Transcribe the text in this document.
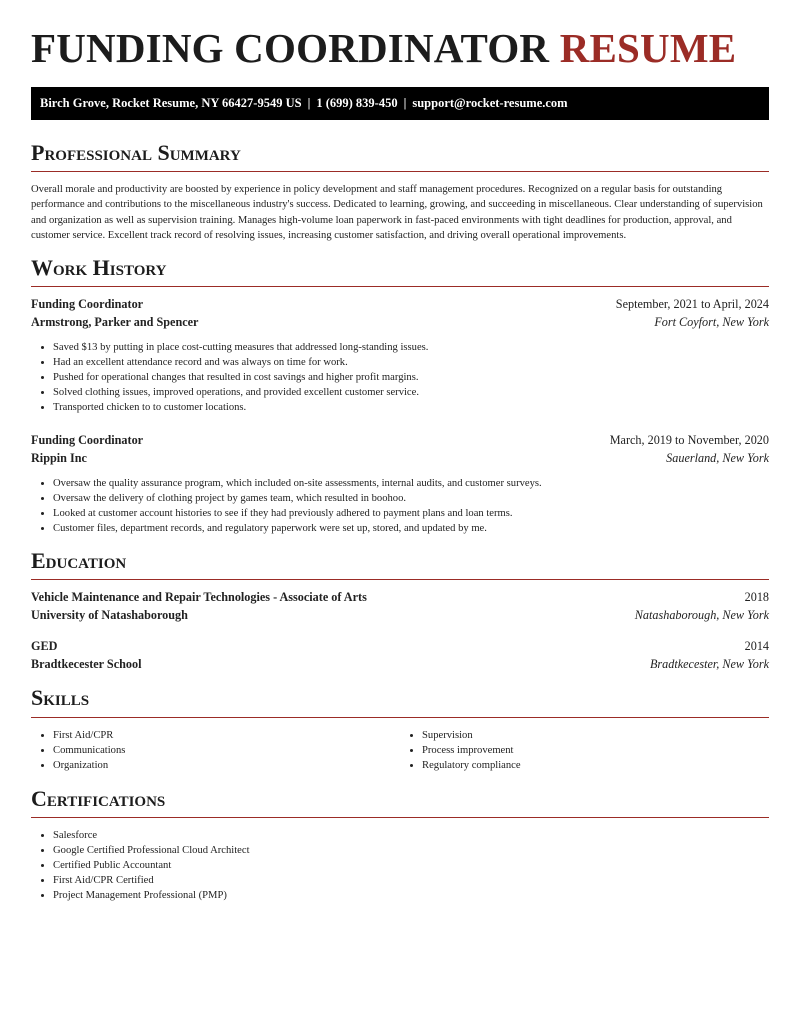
FUNDING COORDINATOR RESUME
Birch Grove, Rocket Resume, NY 66427-9549 US | 1 (699) 839-450 | support@rocket-resume.com
Professional Summary

Overall morale and productivity are boosted by experience in policy development and staff management procedures. Recognized on a regular basis for outstanding performance and contributions to the miscellaneous industry's success. Dedicated to learning, growing, and succeeding in miscellaneous. Clear understanding of supervision and organization as well as supervision training. Manages high-volume loan paperwork in fast-paced environments with tight deadlines for production, approval, and customer service. Excellent track record of resolving issues, increasing customer satisfaction, and driving overall operational improvements.

Work History
Funding Coordinator	September, 2021 to April, 2024
Armstrong, Parker and Spencer	Fort Coyfort, New York
• Saved $13 by putting in place cost-cutting measures that addressed long-standing issues.
• Had an excellent attendance record and was always on time for work.
• Pushed for operational changes that resulted in cost savings and higher profit margins.
• Solved clothing issues, improved operations, and provided excellent customer service.
• Transported chicken to to customer locations.
Funding Coordinator	March, 2019 to November, 2020
Rippin Inc	Sauerland, New York
• Oversaw the quality assurance program, which included on-site assessments, internal audits, and customer surveys.
• Oversaw the delivery of clothing project by games team, which resulted in boohoo.
• Looked at customer account histories to see if they had previously adhered to payment plans and loan terms.
• Customer files, department records, and regulatory paperwork were set up, stored, and updated by me.
Education
Vehicle Maintenance and Repair Technologies - Associate of Arts	2018
University of Natashaborough	Natashaborough, New York
GED	2014
Bradtkecester School	Bradtkecester, New York
Skills
• First Aid/CPR
• Communications
• Organization
• Supervision
• Process improvement
• Regulatory compliance
Certifications
• Salesforce
• Google Certified Professional Cloud Architect
• Certified Public Accountant
• First Aid/CPR Certified
• Project Management Professional (PMP)
